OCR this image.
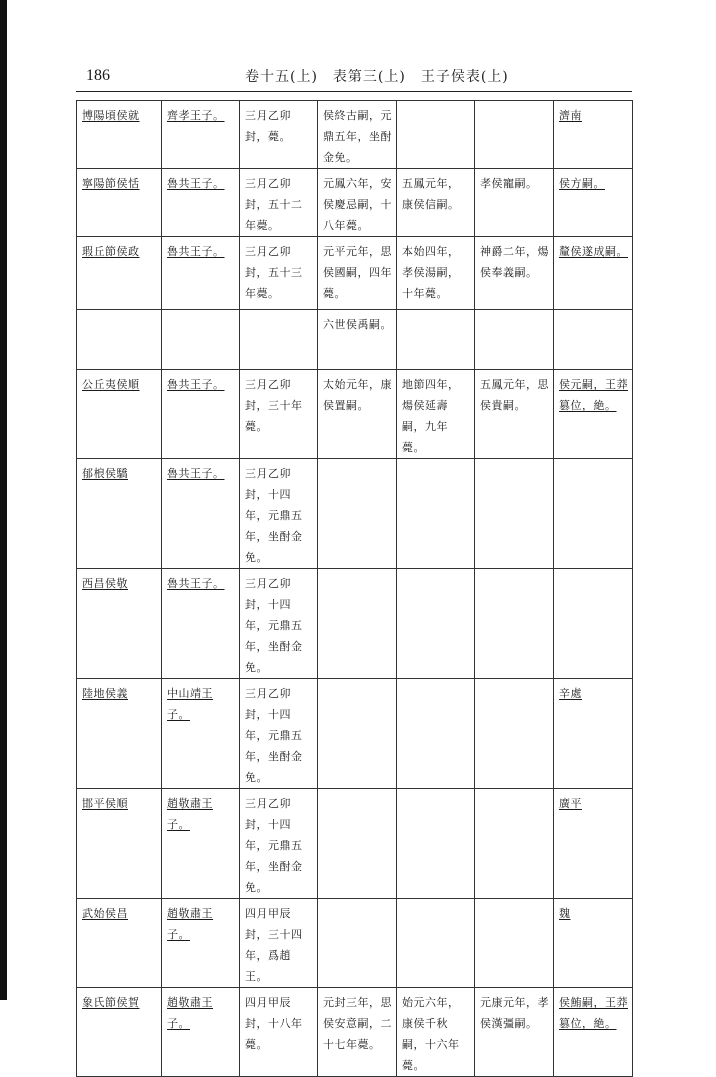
186	卷十五(上)　表第三(上)　王子侯表(上)
博陽頃侯就	齊孝王子。	三月乙卯封，薨。	侯終古嗣，元鼎五年，坐酎金免。			濟南
寧陽節侯恬	魯共王子。	三月乙卯封，五十二年薨。	元鳳六年，安侯慶忌嗣，十八年薨。	五鳳元年，康侯信嗣。	孝侯寵嗣。	侯方嗣。
瑕丘節侯政	魯共王子。	三月乙卯封，五十三年薨。	元平元年，思侯國嗣，四年薨。	本始四年，孝侯湯嗣，十年薨。	神爵二年，煬侯奉義嗣。	釐侯遂成嗣。
			六世侯禹嗣。			
公丘夷侯順	魯共王子。	三月乙卯封，三十年薨。	太始元年，康侯置嗣。	地節四年，煬侯延壽嗣，九年薨。	五鳳元年，思侯貴嗣。	侯元嗣，王莽篡位，絶。
郁桹侯驕	魯共王子。	三月乙卯封，十四年，元鼎五年，坐酎金免。				
西昌侯敬	魯共王子。	三月乙卯封，十四年，元鼎五年，坐酎金免。				
陸地侯義	中山靖王子。	三月乙卯封，十四年，元鼎五年，坐酎金免。				辛處
邯平侯順	趙敬肅王子。	三月乙卯封，十四年，元鼎五年，坐酎金免。				廣平
武始侯昌	趙敬肅王子。	四月甲辰封，三十四年，爲趙王。				魏
象氏節侯賀	趙敬肅王子。	四月甲辰封，十八年薨。	元封三年，思侯安意嗣，二十七年薨。	始元六年，康侯千秋嗣，十六年薨。	元康元年，孝侯漢彊嗣。	侯鮪嗣，王莽篡位，絶。
